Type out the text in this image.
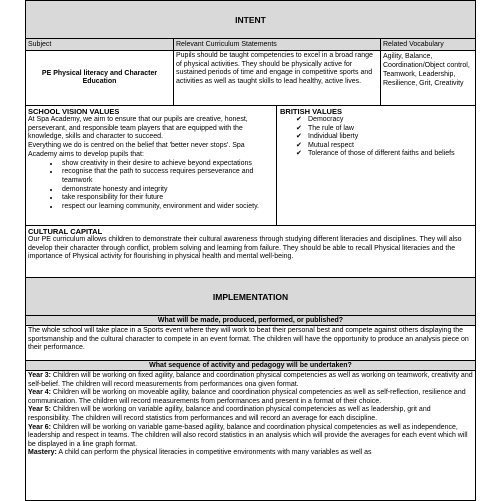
INTENT
Subject	Relevant Curriculum Statements	Related Vocabulary
PE Physical literacy and Character Education
Pupils should be taught competencies to excel in a broad range of physical activities. They should be physically active for sustained periods of time and engage in competitive sports and activities as well as taught skills to lead healthy, active lives.
Agility, Balance, Coordination/Object control, Teamwork, Leadership, Resilience, Grit, Creativity
SCHOOL VISION VALUES
At Spa Academy, we aim to ensure that our pupils are creative, honest, perseverant, and responsible team players that are equipped with the knowledge, skills and character to succeed.
Everything we do is centred on the belief that 'better never stops'. Spa Academy aims to develop pupils that:
• show creativity in their desire to achieve beyond expectations
• recognise that the path to success requires perseverance and teamwork
• demonstrate honesty and integrity
• take responsibility for their future
• respect our learning community, environment and wider society.
BRITISH VALUES
✔ Democracy
✔ The rule of law
✔ Individual liberty
✔ Mutual respect
✔ Tolerance of those of different faiths and beliefs
CULTURAL CAPITAL
Our PE curriculum allows children to demonstrate their cultural awareness through studying different literacies and disciplines. They will also develop their character through conflict, problem solving and learning from failure. They should be able to recall Physical literacies and the importance of Physical activity for flourishing in physical health and mental well-being.
IMPLEMENTATION
What will be made, produced, performed, or published?
The whole school will take place in a Sports event where they will work to beat their personal best and compete against others displaying the sportsmanship and the cultural character to compete in an event format. The children will have the opportunity to produce an analysis piece on their performance.
What sequence of activity and pedagogy will be undertaken?

Year 3: Children will be working on fixed agility, balance and coordination physical competencies as well as working on teamwork, creativity and self-belief. The children will record measurements from performances ona given format.

Year 4: Children will be working on moveable agility, balance and coordination physical competencies as well as self-reflection, resilience and communication. The children will record measurements from performances and present in a format of their choice.

Year 5: Children will be working on variable agility, balance and coordination physical competencies as well as leadership, grit and responsibility. The children will record statistics from performances and will record an average for each discipline.

Year 6: Children will be working on variable game-based agility, balance and coordination physical competencies as well as independence, leadership and respect in teams. The children will also record statistics in an analysis which will provide the averages for each event which will be displayed in a line graph format.

Mastery: A child can perform the physical literacies in competitive environments with many variables as well as
